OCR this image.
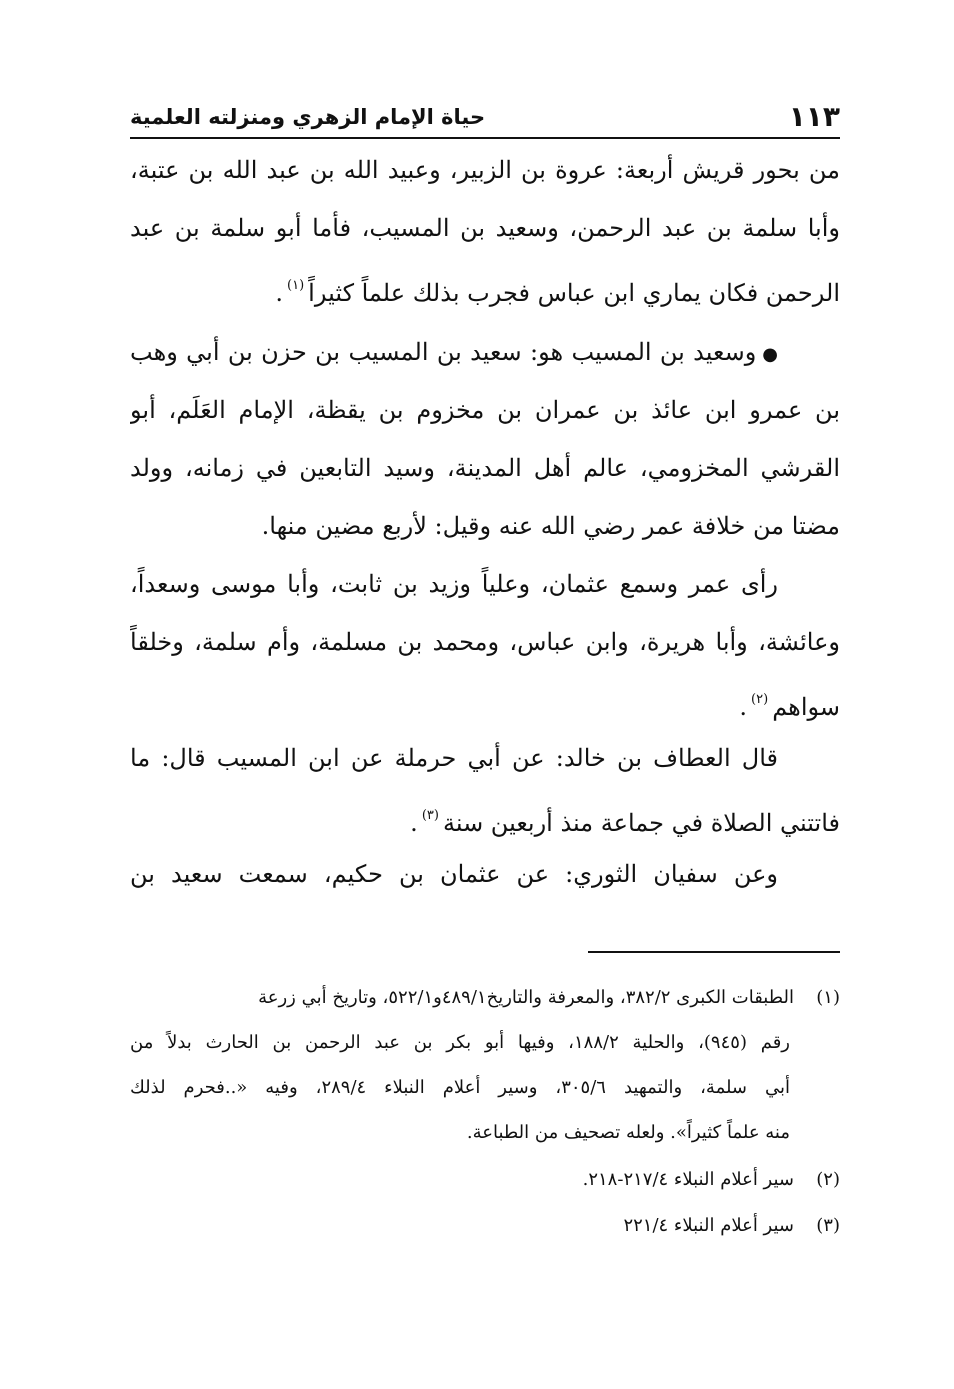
١١٣
حياة الإمام الزهري ومنزلته العلمية
من بحور قريش أربعة: عروة بن الزبير، وعبيد الله بن عبد الله بن عتبة،
وأبا سلمة بن عبد الرحمن، وسعيد بن المسيب، فأما أبو سلمة بن عبد
الرحمن فكان يماري ابن عباس فجرب بذلك علماً كثيراً$^{(١)}$.
●وسعيد بن المسيب هو: سعيد بن المسيب بن حزن بن أبي وهب
بن عمرو ابن عائذ بن عمران بن مخزوم بن يقظة، الإمام العَلَم، أبو
القرشي المخزومي، عالم أهل المدينة، وسيد التابعين في زمانه، وولد
مضتا من خلافة عمر رضي الله عنه وقيل: لأربع مضين منها.
رأى عمر وسمع عثمان، وعلياً وزيد بن ثابت، وأبا موسى وسعداً،
وعائشة، وأبا هريرة، وابن عباس، ومحمد بن مسلمة، وأم سلمة، وخلقاً
سواهم$^{(٢)}$.
قال العطاف بن خالد: عن أبي حرملة عن ابن المسيب قال: ما
فاتتني الصلاة في جماعة منذ أربعين سنة$^{(٣)}$.
وعن سفيان الثوري: عن عثمان بن حكيم، سمعت سعيد بن
(١)الطبقات الكبرى ٣٨٢/٢، والمعرفة والتاريخ٤٨٩/١و٥٢٢/١، وتاريخ أبي زرعة
رقم (٩٤٥)، والحلية ١٨٨/٢، وفيها أبو بكر بن عبد الرحمن بن الحارث بدلاً من
أبي سلمة، والتمهيد ٣٠٥/٦، وسير أعلام النبلاء ٢٨٩/٤، وفيه «..فحرم لذلك
منه علماً كثيراً». ولعله تصحيف من الطباعة.
(٢)سير أعلام النبلاء ٢١٧/٤-٢١٨.
(٣)سير أعلام النبلاء ٢٢١/٤
